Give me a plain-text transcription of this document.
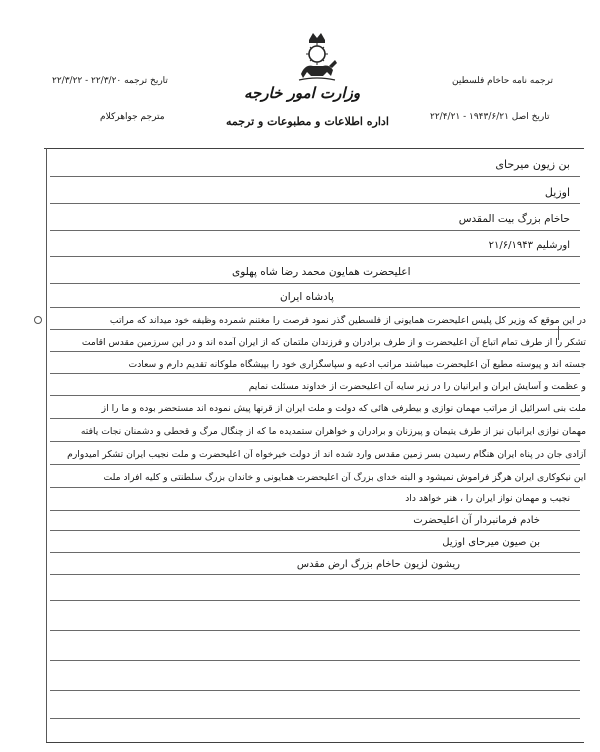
وزارت امور خارجه
اداره اطلاعات و مطبوعات و ترجمه
تاریخ ترجمه ۲۲/۳/۲۰ - ۲۲/۳/۲۲
مترجم جواهرکلام
ترجمه نامه حاخام فلسطین
تاریخ اصل ۱۹۴۳/۶/۲۱ - ۲۲/۴/۲۱
بن زیون میرحای
اوزیل
حاخام بزرگ بیت المقدس
اورشلیم ۲۱/۶/۱۹۴۳
اعلیحضرت همایون محمد رضا شاه پهلوی
پادشاه ایران
در این موقع که وزیر کل پلیس اعلیحضرت همایونی از فلسطین گذر نمود فرصت را مغتنم شمرده وظیفه خود میداند که مراتب
تشکر را از طرف تمام اتباع آن اعلیحضرت و از طرف برادران و فرزندان ملتمان که از ایران آمده اند و در این سرزمین مقدس اقامت
جسته اند و پیوسته مطیع آن اعلیحضرت میباشند مراتب ادعیه و سپاسگزاری خود را بپیشگاه ملوکانه تقدیم دارم و سعادت
و عظمت و آسایش ایران و ایرانیان را در زیر سایه آن اعلیحضرت از خداوند مسئلت نمایم
ملت بنی اسرائیل از مراتب مهمان نوازی و بیطرفی هائی که دولت و ملت ایران از قرنها پیش نموده اند مستحضر بوده و ما را از
مهمان نوازی ایرانیان نیز از طرف یتیمان و پیرزنان و برادران و خواهران ستمدیده ما که از چنگال مرگ و قحطی و دشمنان نجات یافته
آزادی جان در پناه ایران هنگام رسیدن بسر زمین مقدس وارد شده اند از دولت خیرخواه آن اعلیحضرت و ملت نجیب ایران تشکر امیدوارم
این نیکوکاری ایران هرگز فراموش نمیشود و البته خدای بزرگ آن اعلیحضرت همایونی و خاندان بزرگ سلطنتی و کلیه افراد ملت
نجیب و مهمان نواز ایران را ، هنر خواهد داد
خادم فرمانبردار آن اعلیحضرت
بن صیون میرحای اوزیل
ریشون لزیون حاخام بزرگ ارض مقدس
